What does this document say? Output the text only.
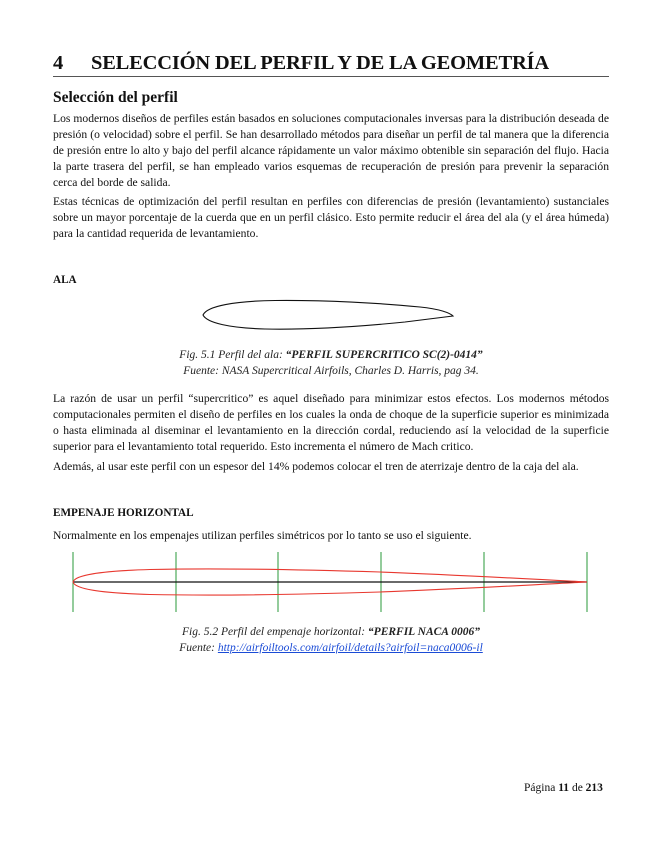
4 SELECCIÓN DEL PERFIL Y DE LA GEOMETRÍA
Selección del perfil
Los modernos diseños de perfiles están basados en soluciones computacionales inversas para la distribución deseada de presión (o velocidad) sobre el perfil. Se han desarrollado métodos para diseñar un perfil de tal manera que la diferencia de presión entre lo alto y bajo del perfil alcance rápidamente un valor máximo obtenible sin separación del flujo. Hacia la parte trasera del perfil, se han empleado varios esquemas de recuperación de presión para prevenir la separación cerca del borde de salida.
Estas técnicas de optimización del perfil resultan en perfiles con diferencias de presión (levantamiento) sustanciales sobre un mayor porcentaje de la cuerda que en un perfil clásico. Esto permite reducir el área del ala (y el área húmeda) para la cantidad requerida de levantamiento.
ALA
Fig. 5.1 Perfil del ala: “PERFIL SUPERCRITICO SC(2)-0414”
Fuente: NASA Supercritical Airfoils, Charles D. Harris, pag 34.
La razón de usar un perfil “supercritico” es aquel diseñado para minimizar estos efectos. Los modernos métodos computacionales permiten el diseño de perfiles en los cuales la onda de choque de la superficie superior es minimizada o hasta eliminada al diseminar el levantamiento en la dirección cordal, reduciendo así la velocidad de la superficie superior para el levantamiento total requerido. Esto incrementa el número de Mach critico.
Además, al usar este perfil con un espesor del 14% podemos colocar el tren de aterrizaje dentro de la caja del ala.
EMPENAJE HORIZONTAL
Normalmente en los empenajes utilizan perfiles simétricos por lo tanto se uso el siguiente.
Fig. 5.2 Perfil del empenaje horizontal: “PERFIL NACA 0006”
Fuente: http://airfoiltools.com/airfoil/details?airfoil=naca0006-il
Página 11 de 213
